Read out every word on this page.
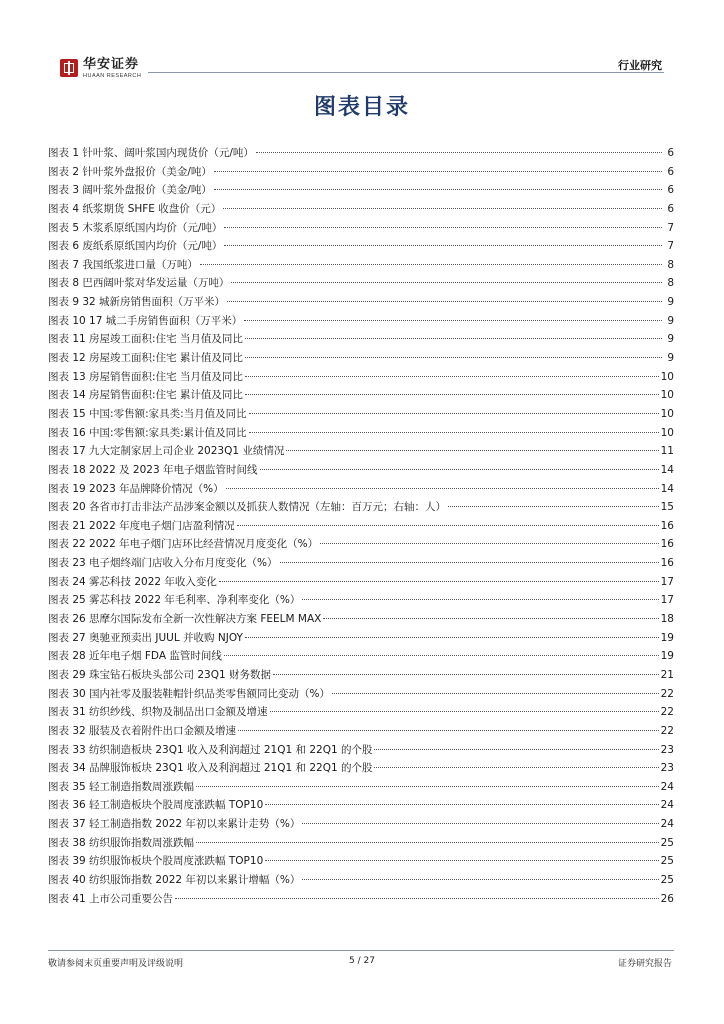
华安证券
HUAAN RESEARCH
行业研究
图表目录
图表 1 针叶浆、阔叶浆国内现货价（元/吨）	6
图表 2 针叶浆外盘报价（美金/吨）	6
图表 3 阔叶浆外盘报价（美金/吨）	6
图表 4 纸浆期货 SHFE 收盘价（元）	6
图表 5 木浆系原纸国内均价（元/吨）	7
图表 6 废纸系原纸国内均价（元/吨）	7
图表 7 我国纸浆进口量（万吨）	8
图表 8 巴西阔叶浆对华发运量（万吨）	8
图表 9 32 城新房销售面积（万平米）	9
图表 10 17 城二手房销售面积（万平米）	9
图表 11 房屋竣工面积:住宅 当月值及同比	9
图表 12 房屋竣工面积:住宅 累计值及同比	9
图表 13 房屋销售面积:住宅 当月值及同比	10
图表 14 房屋销售面积:住宅 累计值及同比	10
图表 15 中国:零售额:家具类:当月值及同比	10
图表 16 中国:零售额:家具类:累计值及同比	10
图表 17 九大定制家居上司企业 2023Q1 业绩情况	11
图表 18 2022 及 2023 年电子烟监管时间线	14
图表 19 2023 年品牌降价情况（%）	14
图表 20 各省市打击非法产品涉案金额以及抓获人数情况（左轴：百万元；右轴：人）	15
图表 21 2022 年度电子烟门店盈利情况	16
图表 22 2022 年电子烟门店环比经营情况月度变化（%）	16
图表 23 电子烟终端门店收入分布月度变化（%）	16
图表 24 雾芯科技 2022 年收入变化	17
图表 25 雾芯科技 2022 年毛利率、净利率变化（%）	17
图表 26 思摩尔国际发布全新一次性解决方案 FEELM MAX	18
图表 27 奥驰亚预卖出 JUUL 并收购 NJOY	19
图表 28 近年电子烟 FDA 监管时间线	19
图表 29 珠宝钻石板块头部公司 23Q1 财务数据	21
图表 30 国内社零及服装鞋帽针织品类零售额同比变动（%）	22
图表 31 纺织纱线、织物及制品出口金额及增速	22
图表 32 服装及衣着附件出口金额及增速	22
图表 33 纺织制造板块 23Q1 收入及利润超过 21Q1 和 22Q1 的个股	23
图表 34 品牌服饰板块 23Q1 收入及利润超过 21Q1 和 22Q1 的个股	23
图表 35 轻工制造指数周涨跌幅	24
图表 36 轻工制造板块个股周度涨跌幅 TOP10	24
图表 37 轻工制造指数 2022 年初以来累计走势（%）	24
图表 38 纺织服饰指数周涨跌幅	25
图表 39 纺织服饰板块个股周度涨跌幅 TOP10	25
图表 40 纺织服饰指数 2022 年初以来累计增幅（%）	25
图表 41 上市公司重要公告	26
敬请参阅末页重要声明及评级说明	5 / 27	证券研究报告
